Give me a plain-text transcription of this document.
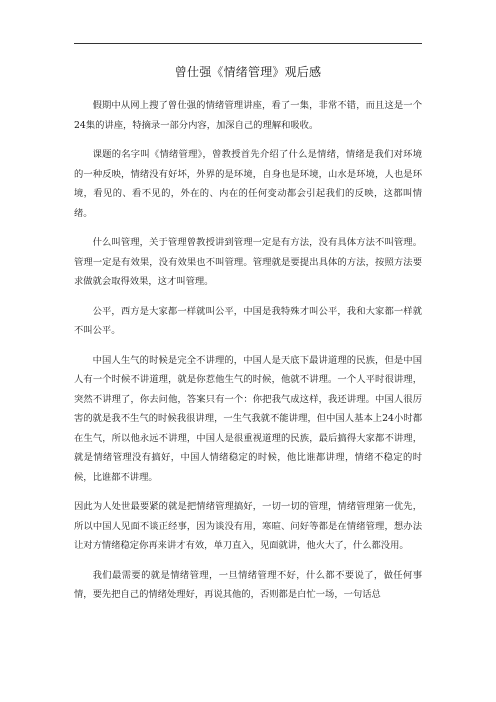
曾仕强《情绪管理》观后感

假期中从网上搜了曾仕强的情绪管理讲座，看了一集，非常不错，而且这是一个24集的讲座，特摘录一部分内容，加深自己的理解和吸收。

课题的名字叫《情绪管理》，曾教授首先介绍了什么是情绪，情绪是我们对环境的一种反映，情绪没有好坏，外界的是环境，自身也是环境，山水是环境，人也是环境，看见的、看不见的，外在的、内在的任何变动都会引起我们的反映，这都叫情绪。

什么叫管理，关于管理曾教授讲到管理一定是有方法，没有具体方法不叫管理。管理一定是有效果，没有效果也不叫管理。管理就是要提出具体的方法，按照方法要求做就会取得效果，这才叫管理。

公平，西方是大家都一样就叫公平，中国是我特殊才叫公平，我和大家都一样就不叫公平。

中国人生气的时候是完全不讲理的，中国人是天底下最讲道理的民族，但是中国人有一个时候不讲道理，就是你惹他生气的时候，他就不讲理。一个人平时很讲理，突然不讲理了，你去问他，答案只有一个：你把我气成这样，我还讲理。中国人很厉害的就是我不生气的时候我很讲理，一生气我就不能讲理，但中国人基本上24小时都在生气，所以他永远不讲理，中国人是很重视道理的民族，最后搞得大家都不讲理，就是情绪管理没有搞好，中国人情绪稳定的时候，他比谁都讲理，情绪不稳定的时候，比谁都不讲理。

因此为人处世最要紧的就是把情绪管理搞好，一切一切的管理，情绪管理第一优先，所以中国人见面不谈正经事，因为谈没有用，寒暄、问好等都是在情绪管理，想办法让对方情绪稳定你再来讲才有效，单刀直入，见面就讲，他火大了，什么都没用。

我们最需要的就是情绪管理，一旦情绪管理不好，什么都不要说了，做任何事情，要先把自己的情绪处理好，再说其他的，否则都是白忙一场，一句话总
